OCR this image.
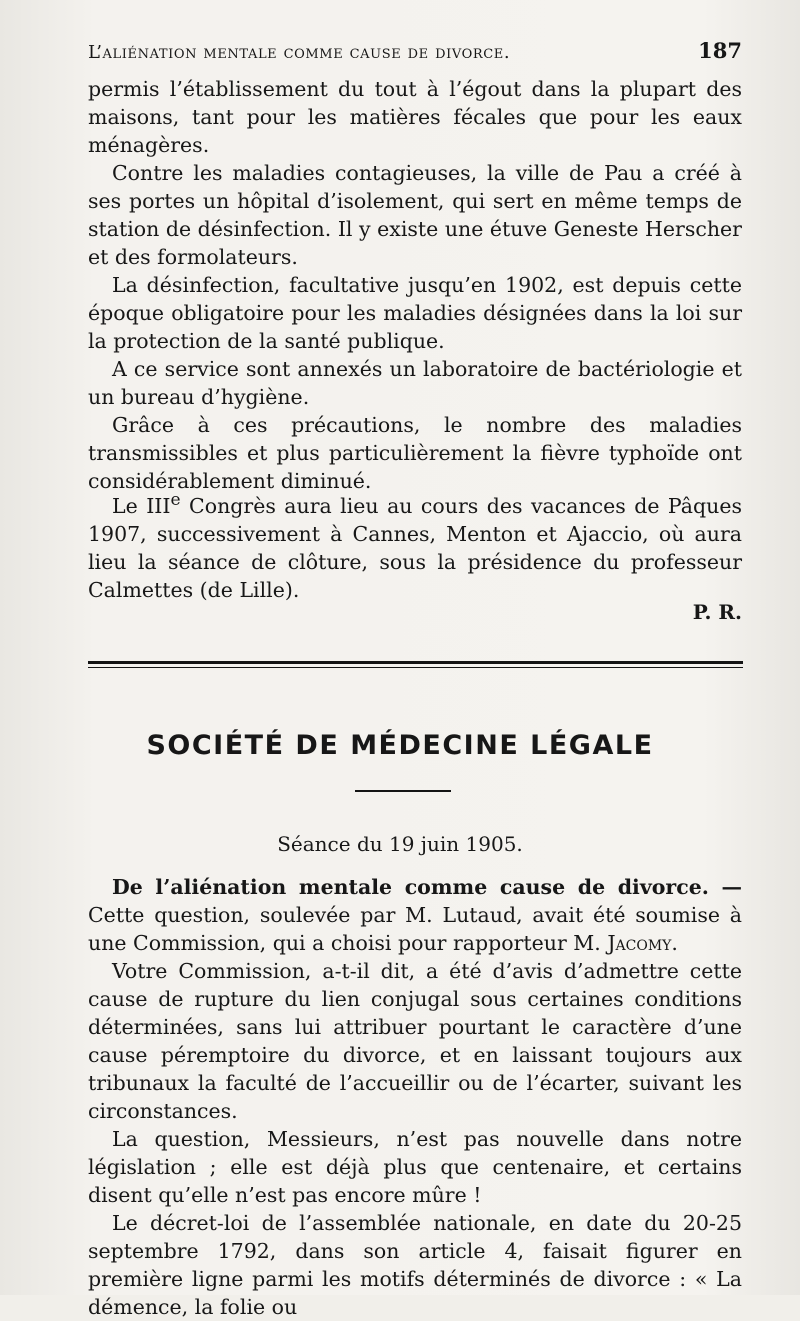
L’aliénation mentale comme cause de divorce.	187

permis l’établissement du tout à l’égout dans la plupart des maisons, tant pour les matières fécales que pour les eaux ménagères.

Contre les maladies contagieuses, la ville de Pau a créé à ses portes un hôpital d’isolement, qui sert en même temps de station de désinfection. Il y existe une étuve Geneste Herscher et des formolateurs.

La désinfection, facultative jusqu’en 1902, est depuis cette époque obligatoire pour les maladies désignées dans la loi sur la protection de la santé publique.

A ce service sont annexés un laboratoire de bactériologie et un bureau d’hygiène.

Grâce à ces précautions, le nombre des maladies transmissibles et plus particulièrement la fièvre typhoïde ont considérablement diminué.

Le IIIe Congrès aura lieu au cours des vacances de Pâques 1907, successivement à Cannes, Menton et Ajaccio, où aura lieu la séance de clôture, sous la présidence du professeur Calmettes (de Lille).

P. R.
SOCIÉTÉ DE MÉDECINE LÉGALE
Séance du 19 juin 1905.

De l’aliénation mentale comme cause de divorce. — Cette question, soulevée par M. Lutaud, avait été soumise à une Commission, qui a choisi pour rapporteur M. Jacomy.

Votre Commission, a-t-il dit, a été d’avis d’admettre cette cause de rupture du lien conjugal sous certaines conditions déterminées, sans lui attribuer pourtant le caractère d’une cause péremptoire du divorce, et en laissant toujours aux tribunaux la faculté de l’accueillir ou de l’écarter, suivant les circonstances.

La question, Messieurs, n’est pas nouvelle dans notre législation ; elle est déjà plus que centenaire, et certains disent qu’elle n’est pas encore mûre !

Le décret-loi de l’assemblée nationale, en date du 20-25 septembre 1792, dans son article 4, faisait figurer en première ligne parmi les motifs déterminés de divorce : « La démence, la folie ou
